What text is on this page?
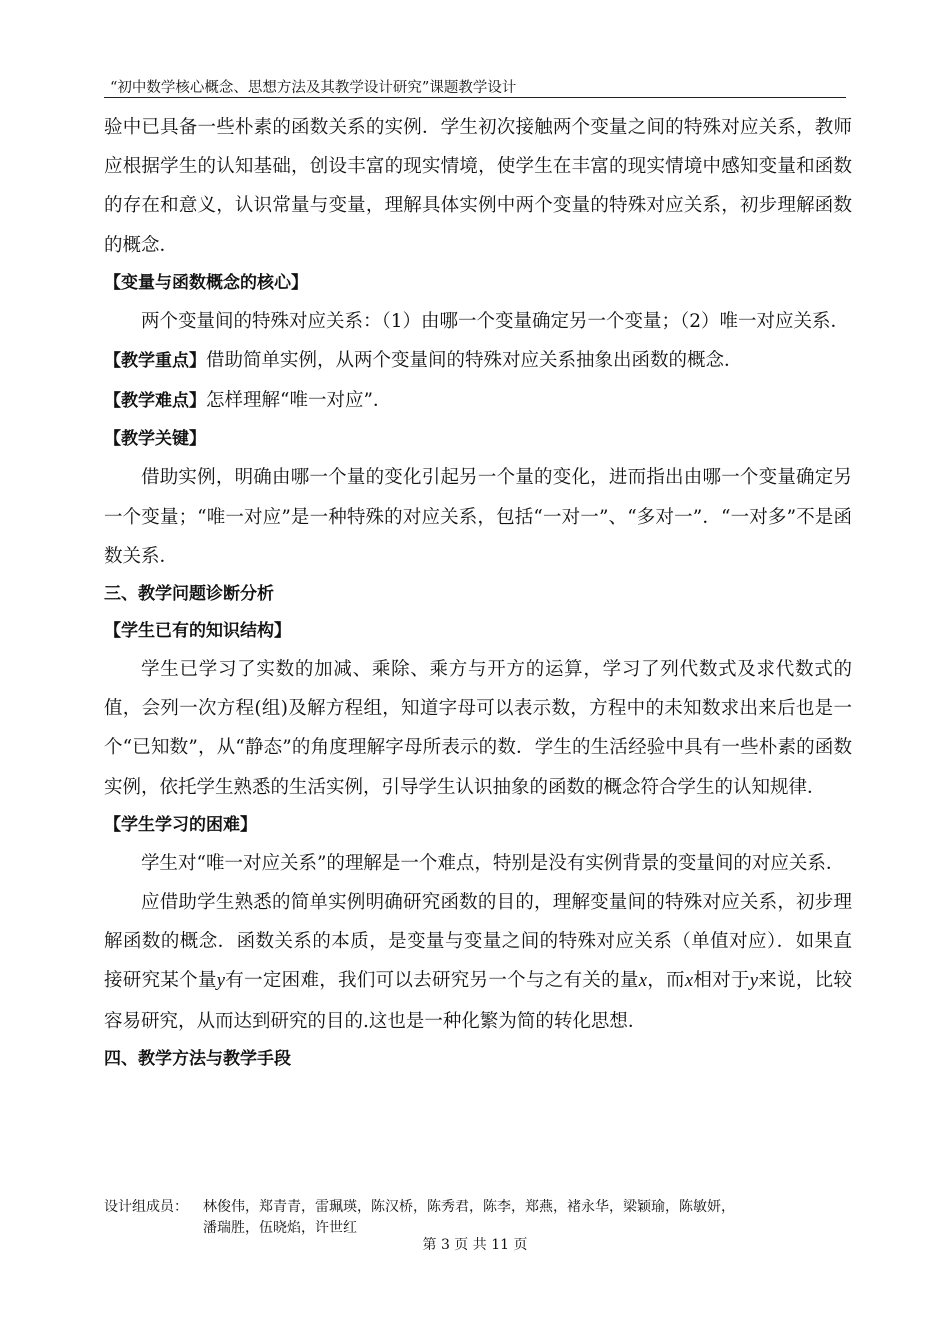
“初中数学核心概念、思想方法及其教学设计研究”课题教学设计

验中已具备一些朴素的函数关系的实例．学生初次接触两个变量之间的特殊对应关系，教师应根据学生的认知基础，创设丰富的现实情境，使学生在丰富的现实情境中感知变量和函数的存在和意义，认识常量与变量，理解具体实例中两个变量的特殊对应关系，初步理解函数的概念．

【变量与函数概念的核心】

两个变量间的特殊对应关系：（1）由哪一个变量确定另一个变量；（2）唯一对应关系．

【教学重点】借助简单实例，从两个变量间的特殊对应关系抽象出函数的概念．

【教学难点】怎样理解“唯一对应”．

【教学关键】

借助实例，明确由哪一个量的变化引起另一个量的变化，进而指出由哪一个变量确定另一个变量；“唯一对应”是一种特殊的对应关系，包括“一对一”、“多对一”．“一对多”不是函数关系．

三、教学问题诊断分析

【学生已有的知识结构】

学生已学习了实数的加减、乘除、乘方与开方的运算，学习了列代数式及求代数式的值，会列一次方程(组)及解方程组，知道字母可以表示数，方程中的未知数求出来后也是一个“已知数”，从“静态”的角度理解字母所表示的数．学生的生活经验中具有一些朴素的函数实例，依托学生熟悉的生活实例，引导学生认识抽象的函数的概念符合学生的认知规律．

【学生学习的困难】

学生对“唯一对应关系”的理解是一个难点，特别是没有实例背景的变量间的对应关系．

应借助学生熟悉的简单实例明确研究函数的目的，理解变量间的特殊对应关系，初步理解函数的概念．函数关系的本质，是变量与变量之间的特殊对应关系（单值对应）．如果直接研究某个量y有一定困难，我们可以去研究另一个与之有关的量x，而x相对于y来说，比较容易研究，从而达到研究的目的.这也是一种化繁为简的转化思想．

四、教学方法与教学手段

设计组成员： 林俊伟，郑青青，雷珮瑛，陈汉桥，陈秀君，陈李，郑燕，褚永华，梁颖瑜，陈敏妍，
潘瑞胜，伍晓焰，许世红
第 3 页 共 11 页
